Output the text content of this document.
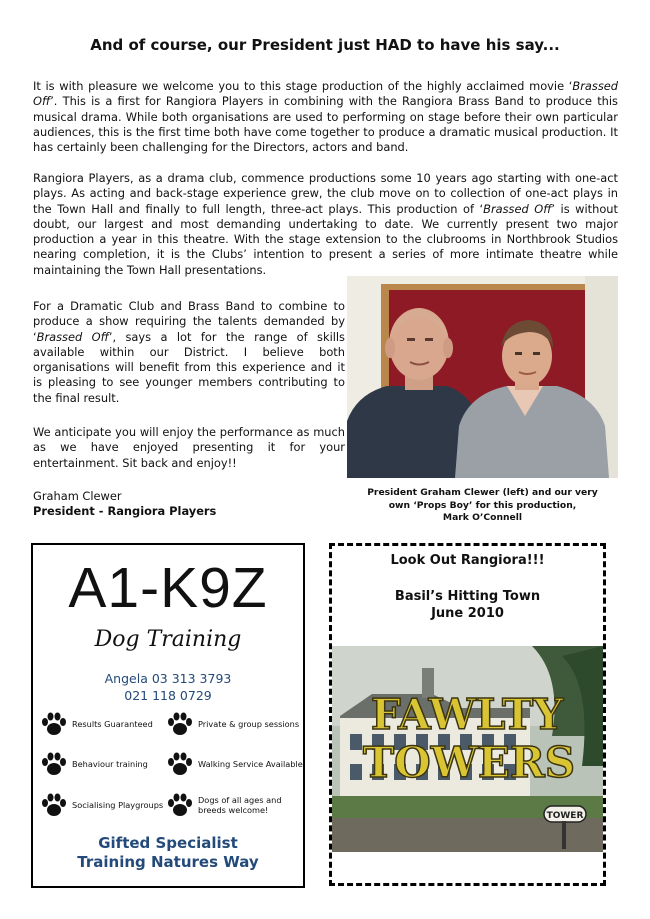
And of course, our President just HAD to have his say...

It is with pleasure we welcome you to this stage production of the highly acclaimed movie ‘Brassed Off’. This is a first for Rangiora Players in combining with the Rangiora Brass Band to produce this musical drama. While both organisations are used to performing on stage before their own particular audiences, this is the first time both have come together to produce a dramatic musical production. It has certainly been challenging for the Directors, actors and band.

Rangiora Players, as a drama club, commence productions some 10 years ago starting with one-act plays. As acting and back-stage experience grew, the club move on to collection of one-act plays in the Town Hall and finally to full length, three-act plays. This production of ‘Brassed Off’ is without doubt, our largest and most demanding undertaking to date. We currently present two major production a year in this theatre. With the stage extension to the clubrooms in Northbrook Studios nearing completion, it is the Clubs’ intention to present a series of more intimate theatre while maintaining the Town Hall presentations.

For a Dramatic Club and Brass Band to combine to produce a show requiring the talents demanded by ‘Brassed Off’, says a lot for the range of skills available within our District. I believe both organisations will benefit from this experience and it is pleasing to see younger members contributing to the final result.

We anticipate you will enjoy the performance as much as we have enjoyed presenting it for your entertainment. Sit back and enjoy!!

Graham Clewer
President - Rangiora Players
President Graham Clewer (left) and our very
own ‘Props Boy’ for this production,
Mark O’Connell
A1-K9Z
Dog Training
Angela 03 313 3793
021 118 0729
Results Guaranteed	Private & group sessions
Behaviour training	Walking Service Available
Socialising Playgroups	Dogs of all ages and breeds welcome!
Gifted Specialist
Training Natures Way
Look Out Rangiora!!!
Basil’s Hitting Town
June 2010
FAWLTY
TOWERS
TOWER
